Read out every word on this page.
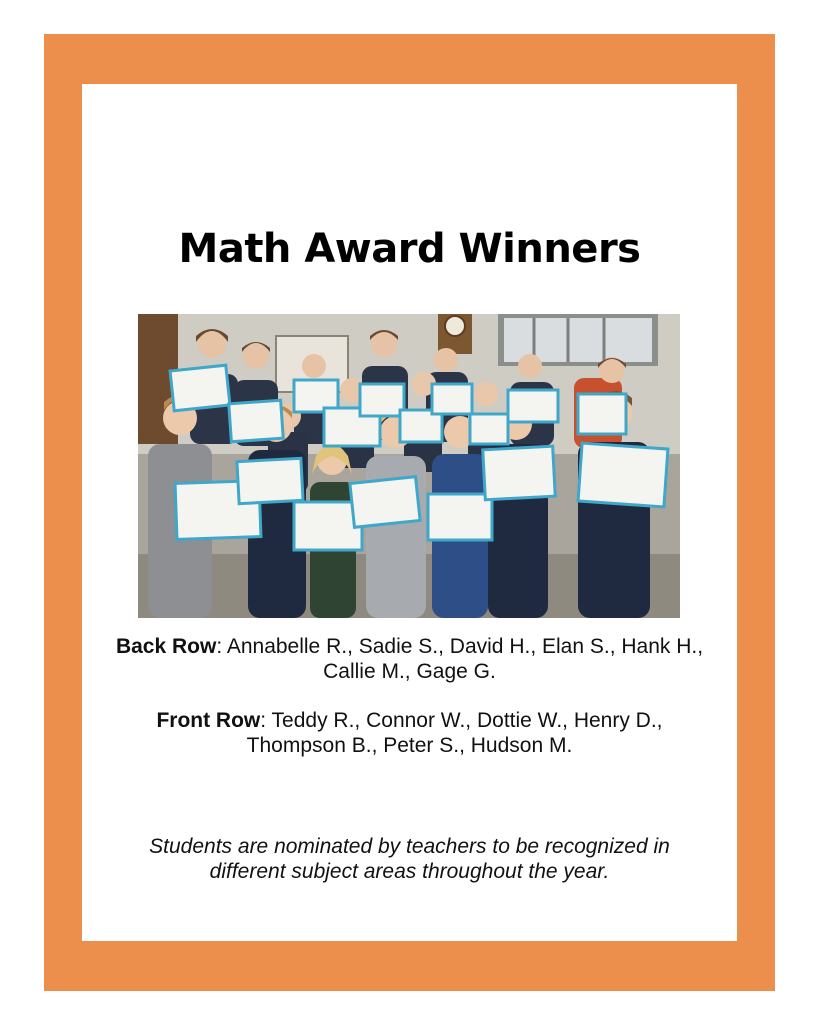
Math Award Winners

Back Row: Annabelle R., Sadie S., David H., Elan S., Hank H., Callie M., Gage G.

Front Row: Teddy R., Connor W., Dottie W., Henry D., Thompson B., Peter S., Hudson M.

Students are nominated by teachers to be recognized in different subject areas throughout the year.
